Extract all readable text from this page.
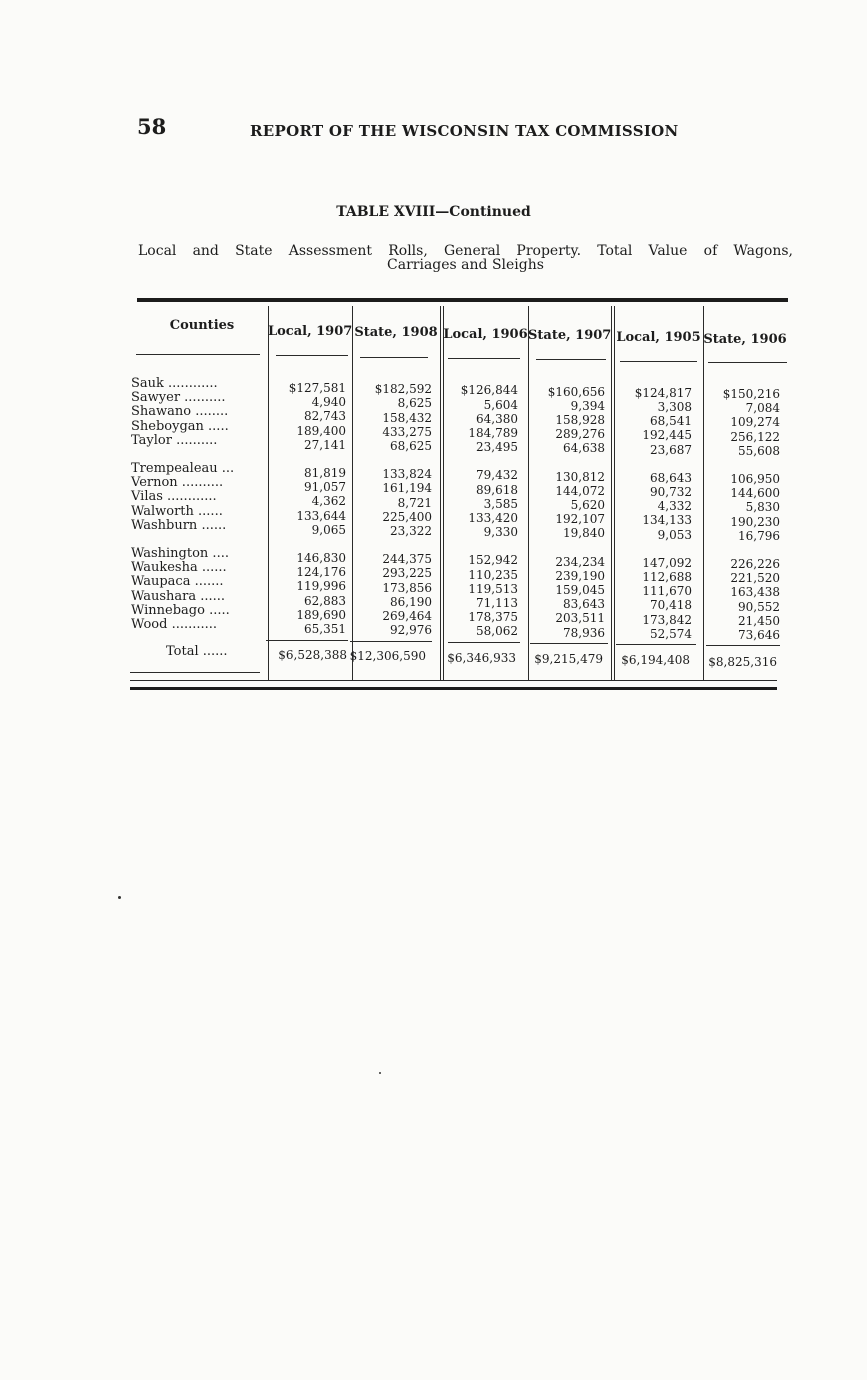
58	REPORT OF THE WISCONSIN TAX COMMISSION
TABLE XVIII—Continued
Local and State Assessment Rolls, General Property. Total Value of Wagons,
Carriages and Sleighs
Counties	Local, 1907 State, 1908 Local, 1906 State, 1907 Local, 1905 State, 1906
Sauk ............	$127,581	$182,592	$126,844	$160,656	$124,817	$150,216
Sawyer ..........	4,940	8,625	5,604	9,394	3,308	7,084
Shawano ........	82,743	158,432	64,380	158,928	68,541	109,274
Sheboygan .....	189,400	433,275	184,789	289,276	192,445	256,122
Taylor ..........	27,141	68,625	23,495	64,638	23,687	55,608
Trempealeau ...	81,819	133,824	79,432	130,812	68,643	106,950
Vernon ..........	91,057	161,194	89,618	144,072	90,732	144,600
Vilas ............	4,362	8,721	3,585	5,620	4,332	5,830
Walworth ......	133,644	225,400	133,420	192,107	134,133	190,230
Washburn ......	9,065	23,322	9,330	19,840	9,053	16,796
Washington ....	146,830	244,375	152,942	234,234	147,092	226,226
Waukesha ......	124,176	293,225	110,235	239,190	112,688	221,520
Waupaca .......	119,996	173,856	119,513	159,045	111,670	163,438
Waushara ......	62,883	86,190	71,113	83,643	70,418	90,552
Winnebago .....	189,690	269,464	178,375	203,511	173,842	21,450
Wood ...........	65,351	92,976	58,062	78,936	52,574	73,646
Total ......	$6,528,388 $12,306,590	$6,346,933	$9,215,479	$6,194,408	$8,825,316
